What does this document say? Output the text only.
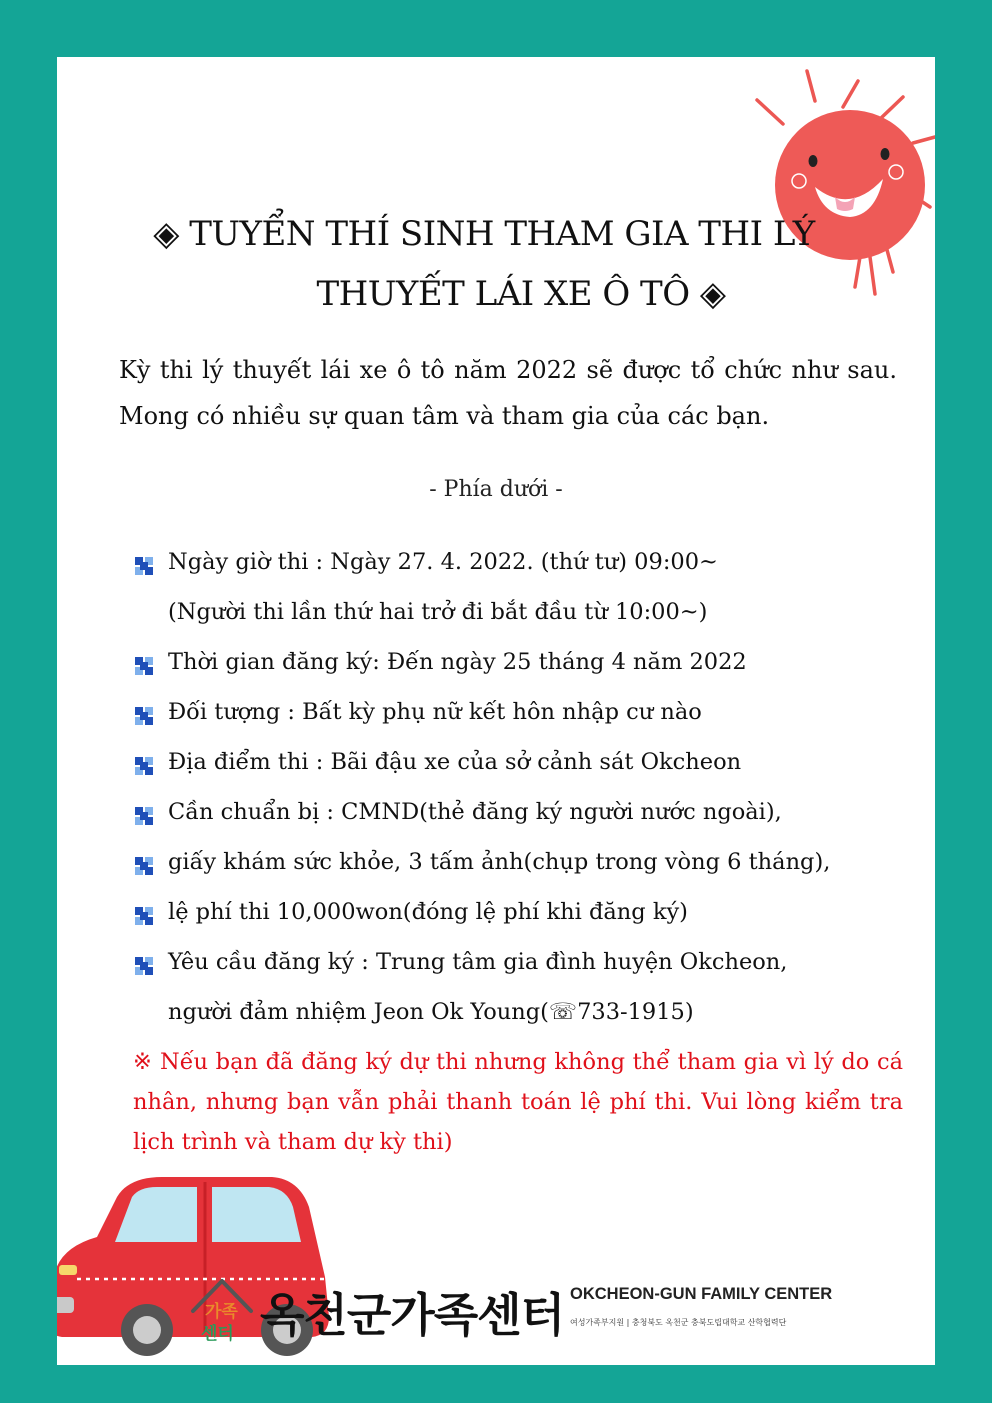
◈ TUYỂN THÍ SINH THAM GIA THI LÝ
THUYẾT LÁI XE Ô TÔ ◈
Kỳ thi lý thuyết lái xe ô tô năm 2022 sẽ được tổ chức như sau. Mong có nhiều sự quan tâm và tham gia của các bạn.
- Phía dưới -
Ngày giờ thi : Ngày 27. 4. 2022. (thứ tư) 09:00~
(Người thi lần thứ hai trở đi bắt đầu từ 10:00~)
Thời gian đăng ký: Đến ngày 25 tháng 4 năm 2022
Đối tượng : Bất kỳ phụ nữ kết hôn nhập cư nào
Địa điểm thi : Bãi đậu xe của sở cảnh sát Okcheon
Cần chuẩn bị : CMND(thẻ đăng ký người nước ngoài),
giấy khám sức khỏe, 3 tấm ảnh(chụp trong vòng 6 tháng),
lệ phí thi 10,000won(đóng lệ phí khi đăng ký)
Yêu cầu đăng ký : Trung tâm gia đình huyện Okcheon,
người đảm nhiệm Jeon Ok Young(☏733-1915)
※ Nếu bạn đã đăng ký dự thi nhưng không thể tham gia vì lý do cá nhân, nhưng bạn vẫn phải thanh toán lệ phí thi. Vui lòng kiểm tra lịch trình và tham dự kỳ thi)
가족
센터 옥천군가족센터 OKCHEON-GUN FAMILY CENTER
여성가족부지원 | 충청북도 옥천군 충북도립대학교 산학협력단
